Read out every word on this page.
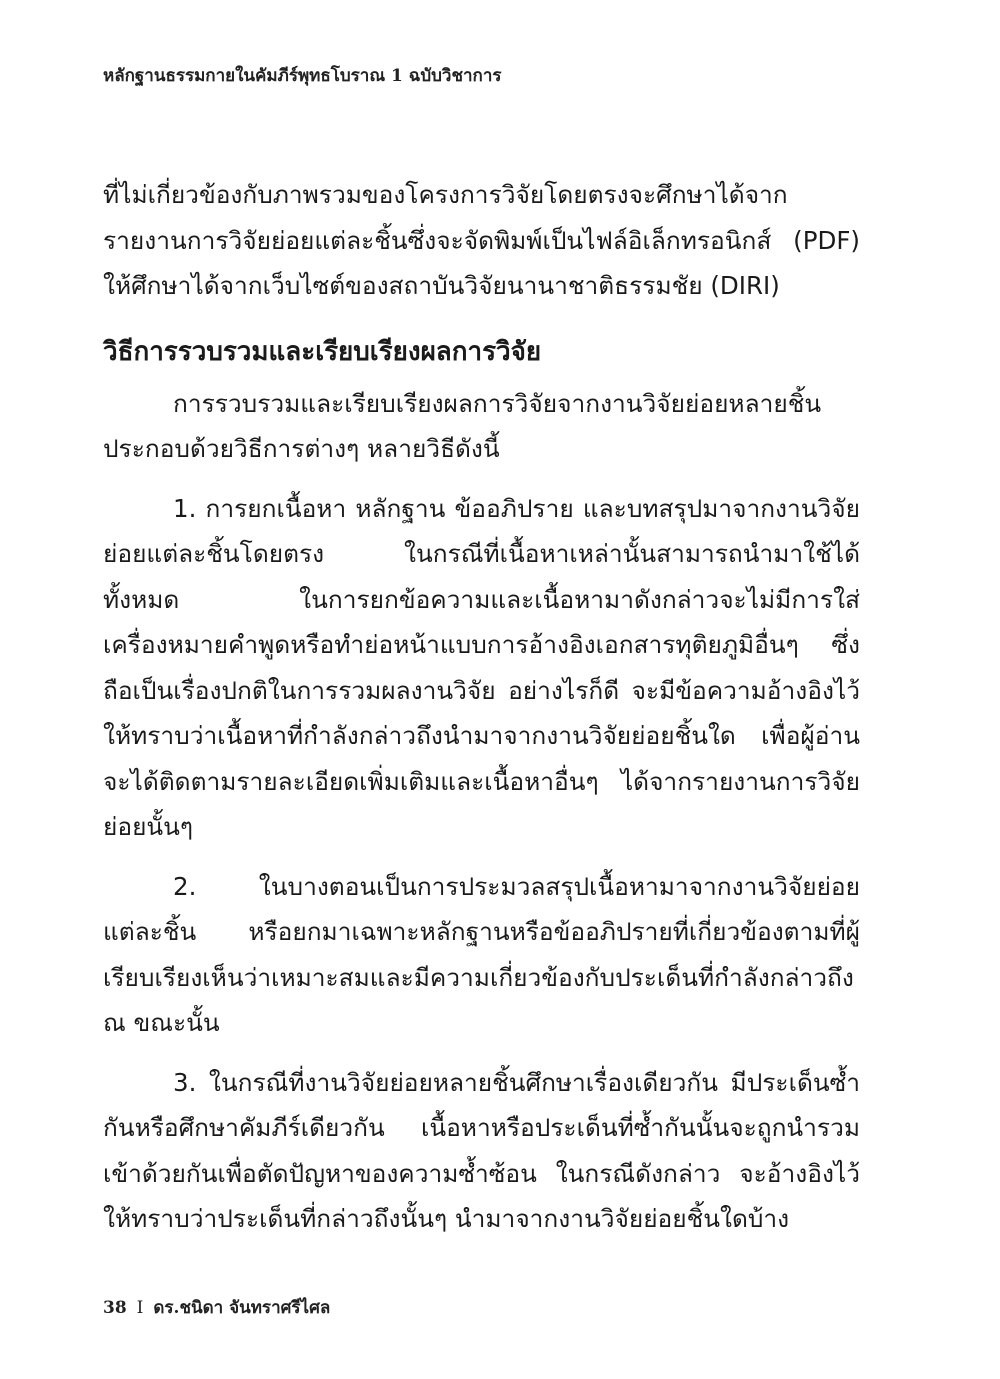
หลักฐานธรรมกายในคัมภีร์พุทธโบราณ 1 ฉบับวิชาการ

ที่ไม่เกี่ยวข้องกับภาพรวมของโครงการวิจัยโดยตรงจะศึกษาได้จากรายงานการวิจัยย่อยแต่ละชิ้นซึ่งจะจัดพิมพ์เป็นไฟล์อิเล็กทรอนิกส์ (PDF) ให้ศึกษาได้จากเว็บไซต์ของสถาบันวิจัยนานาชาติธรรมชัย (DIRI)

วิธีการรวบรวมและเรียบเรียงผลการวิจัย

การรวบรวมและเรียบเรียงผลการวิจัยจากงานวิจัยย่อยหลายชิ้นประกอบด้วยวิธีการต่างๆ หลายวิธีดังนี้

1. การยกเนื้อหา หลักฐาน ข้ออภิปราย และบทสรุปมาจากงานวิจัยย่อยแต่ละชิ้นโดยตรง ในกรณีที่เนื้อหาเหล่านั้นสามารถนำมาใช้ได้ทั้งหมด ในการยกข้อความและเนื้อหามาดังกล่าวจะไม่มีการใส่เครื่องหมายคำพูดหรือทำย่อหน้าแบบการอ้างอิงเอกสารทุติยภูมิอื่นๆ ซึ่งถือเป็นเรื่องปกติในการรวมผลงานวิจัย อย่างไรก็ดี จะมีข้อความอ้างอิงไว้ให้ทราบว่าเนื้อหาที่กำลังกล่าวถึงนำมาจากงานวิจัยย่อยชิ้นใด เพื่อผู้อ่านจะได้ติดตามรายละเอียดเพิ่มเติมและเนื้อหาอื่นๆ ได้จากรายงานการวิจัยย่อยนั้นๆ

2. ในบางตอนเป็นการประมวลสรุปเนื้อหามาจากงานวิจัยย่อยแต่ละชิ้น หรือยกมาเฉพาะหลักฐานหรือข้ออภิปรายที่เกี่ยวข้องตามที่ผู้เรียบเรียงเห็นว่าเหมาะสมและมีความเกี่ยวข้องกับประเด็นที่กำลังกล่าวถึง ณ ขณะนั้น

3. ในกรณีที่งานวิจัยย่อยหลายชิ้นศึกษาเรื่องเดียวกัน มีประเด็นซ้ำกันหรือศึกษาคัมภีร์เดียวกัน เนื้อหาหรือประเด็นที่ซ้ำกันนั้นจะถูกนำรวมเข้าด้วยกันเพื่อตัดปัญหาของความซ้ำซ้อน ในกรณีดังกล่าว จะอ้างอิงไว้ให้ทราบว่าประเด็นที่กล่าวถึงนั้นๆ นำมาจากงานวิจัยย่อยชิ้นใดบ้าง

38 I ดร.ชนิดา จันทราศรีไศล
